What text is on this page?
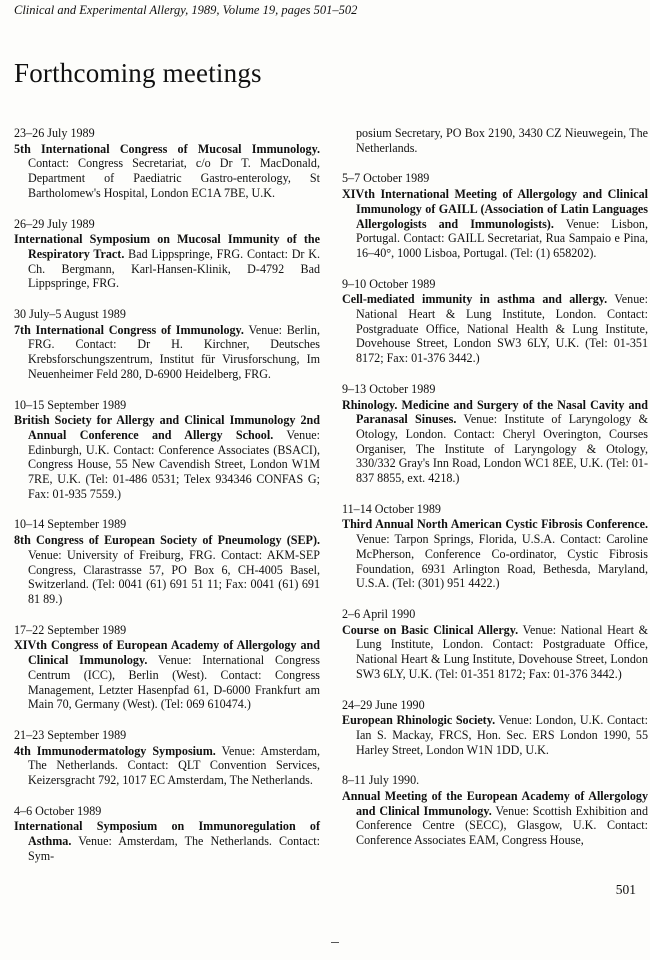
Clinical and Experimental Allergy, 1989, Volume 19, pages 501–502
Forthcoming meetings
23–26 July 1989
5th International Congress of Mucosal Immunology. Contact: Congress Secretariat, c/o Dr T. MacDonald, Department of Paediatric Gastro-enterology, St Bartholomew's Hospital, London EC1A 7BE, U.K.
26–29 July 1989
International Symposium on Mucosal Immunity of the Respiratory Tract. Bad Lippspringe, FRG. Contact: Dr K. Ch. Bergmann, Karl-Hansen-Klinik, D-4792 Bad Lippspringe, FRG.
30 July–5 August 1989
7th International Congress of Immunology. Venue: Berlin, FRG. Contact: Dr H. Kirchner, Deutsches Krebsforschungszentrum, Institut für Virusforschung, Im Neuenheimer Feld 280, D-6900 Heidelberg, FRG.
10–15 September 1989
British Society for Allergy and Clinical Immunology 2nd Annual Conference and Allergy School. Venue: Edinburgh, U.K. Contact: Conference Associates (BSACI), Congress House, 55 New Cavendish Street, London W1M 7RE, U.K. (Tel: 01-486 0531; Telex 934346 CONFAS G; Fax: 01-935 7559.)
10–14 September 1989
8th Congress of European Society of Pneumology (SEP). Venue: University of Freiburg, FRG. Contact: AKM-SEP Congress, Clarastrasse 57, PO Box 6, CH-4005 Basel, Switzerland. (Tel: 0041 (61) 691 51 11; Fax: 0041 (61) 691 81 89.)
17–22 September 1989
XIVth Congress of European Academy of Allergology and Clinical Immunology. Venue: International Congress Centrum (ICC), Berlin (West). Contact: Congress Management, Letzter Hasenpfad 61, D-6000 Frankfurt am Main 70, Germany (West). (Tel: 069 610474.)
21–23 September 1989
4th Immunodermatology Symposium. Venue: Amsterdam, The Netherlands. Contact: QLT Convention Services, Keizersgracht 792, 1017 EC Amsterdam, The Netherlands.
4–6 October 1989
International Symposium on Immunoregulation of Asthma. Venue: Amsterdam, The Netherlands. Contact: Sym-
posium Secretary, PO Box 2190, 3430 CZ Nieuwegein, The Netherlands.
5–7 October 1989
XIVth International Meeting of Allergology and Clinical Immunology of GAILL (Association of Latin Languages Allergologists and Immunologists). Venue: Lisbon, Portugal. Contact: GAILL Secretariat, Rua Sampaio e Pina, 16–40°, 1000 Lisboa, Portugal. (Tel: (1) 658202).
9–10 October 1989
Cell-mediated immunity in asthma and allergy. Venue: National Heart & Lung Institute, London. Contact: Postgraduate Office, National Health & Lung Institute, Dovehouse Street, London SW3 6LY, U.K. (Tel: 01-351 8172; Fax: 01-376 3442.)
9–13 October 1989
Rhinology. Medicine and Surgery of the Nasal Cavity and Paranasal Sinuses. Venue: Institute of Laryngology & Otology, London. Contact: Cheryl Overington, Courses Organiser, The Institute of Laryngology & Otology, 330/332 Gray's Inn Road, London WC1 8EE, U.K. (Tel: 01-837 8855, ext. 4218.)
11–14 October 1989
Third Annual North American Cystic Fibrosis Conference. Venue: Tarpon Springs, Florida, U.S.A. Contact: Caroline McPherson, Conference Co-ordinator, Cystic Fibrosis Foundation, 6931 Arlington Road, Bethesda, Maryland, U.S.A. (Tel: (301) 951 4422.)
2–6 April 1990
Course on Basic Clinical Allergy. Venue: National Heart & Lung Institute, London. Contact: Postgraduate Office, National Heart & Lung Institute, Dovehouse Street, London SW3 6LY, U.K. (Tel: 01-351 8172; Fax: 01-376 3442.)
24–29 June 1990
European Rhinologic Society. Venue: London, U.K. Contact: Ian S. Mackay, FRCS, Hon. Sec. ERS London 1990, 55 Harley Street, London W1N 1DD, U.K.
8–11 July 1990.
Annual Meeting of the European Academy of Allergology and Clinical Immunology. Venue: Scottish Exhibition and Conference Centre (SECC), Glasgow, U.K. Contact: Conference Associates EAM, Congress House,
501
